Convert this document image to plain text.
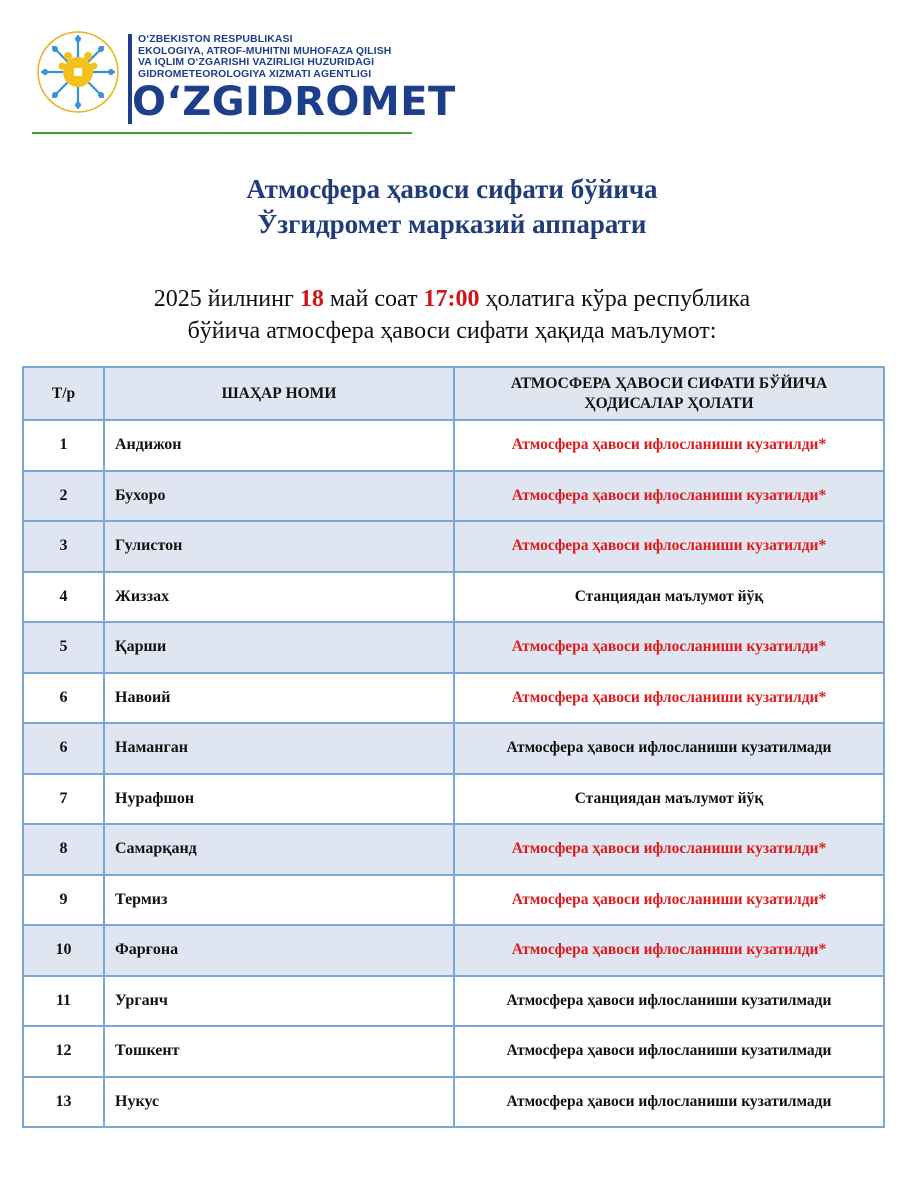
O‘ZBEKISTON RESPUBLIKASI
EKOLOGIYA, ATROF-MUHITNI MUHOFAZA QILISH
VA IQLIM O‘ZGARISHI VAZIRLIGI HUZURIDAGI
GIDROMETEOROLOGIYA XIZMATI AGENTLIGI
O‘ZGIDROMET
Атмосфера ҳавоси сифати бўйича
Ўзгидромет марказий аппарати
2025 йилнинг 18 май соат 17:00 ҳолатига кўра республика
бўйича атмосфера ҳавоси сифати ҳақида маълумот:
Т/р	ШАҲАР НОМИ	АТМОСФЕРА ҲАВОСИ СИФАТИ БЎЙИЧА
ҲОДИСАЛАР ҲОЛАТИ

1	Андижон	Атмосфера ҳавоси ифлосланиши кузатилди*
2	Бухоро	Атмосфера ҳавоси ифлосланиши кузатилди*
3	Гулистон	Атмосфера ҳавоси ифлосланиши кузатилди*
4	Жиззах	Станциядан маълумот йўқ
5	Қарши	Атмосфера ҳавоси ифлосланиши кузатилди*
6	Навоий	Атмосфера ҳавоси ифлосланиши кузатилди*
6	Наманган	Атмосфера ҳавоси ифлосланиши кузатилмади
7	Нурафшон	Станциядан маълумот йўқ
8	Самарқанд	Атмосфера ҳавоси ифлосланиши кузатилди*
9	Термиз	Атмосфера ҳавоси ифлосланиши кузатилди*
10	Фарғона	Атмосфера ҳавоси ифлосланиши кузатилди*
11	Урганч	Атмосфера ҳавоси ифлосланиши кузатилмади
12	Тошкент	Атмосфера ҳавоси ифлосланиши кузатилмади
13	Нукус	Атмосфера ҳавоси ифлосланиши кузатилмади
